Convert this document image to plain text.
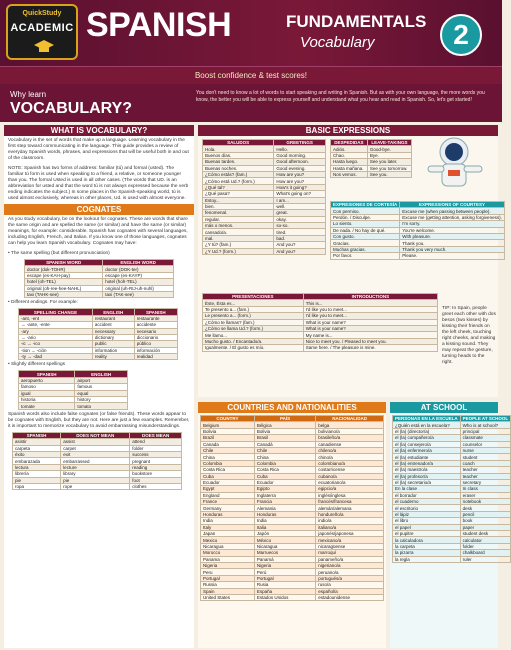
QuickStudy
ACADEMIC SPANISH	FUNDAMENTALS
Vocabulary	2
Boost confidence & test scores!
Why learn
VOCABULARY?
You don't need to know a lot of words to start speaking and writing in Spanish. But as with your own language, the more words you know, the better you will be able to express yourself and understand what you hear and read in Spanish. So, let's get started!
WHAT IS VOCABULARY?
Vocabulary is the set of words that make up a language. Learning vocabulary in the first step toward communicating in the language. This guide provides a review of everyday Spanish words, phrases, and expressions that will be useful both in and out of the classroom.
NOTE: Spanish has two forms of address: familiar (tú) and formal (usted). The familiar tú form is used when speaking to a friend, a relative, or someone younger than you. The formal Usted is used in all other cases. (The words that UD. is an abbreviation for usted and that the word tú is not always expressed because the verb ending indicates the subject.) In some places in the Spanish-speaking world, tú is used almost exclusively, whereas in other places, Ud. is used with almost everyone.
COGNATES
As you study vocabulary, be on the lookout for cognates. These are words that share the same origin and are spelled the same (or similar) and have the same (or similar) meanings, for example: considerable. Spanish has cognates with several languages, including English, French, and Italian. If you know one of those languages, cognates can help you learn Spanish vocabulary. Cognates may have:
• The same spelling (but different pronunciation)
SPANISH WORD	ENGLISH WORD
doctor (dok-TOHR)	doctor (DOK-ter)
escape (es-KAH-pay)	escape (es-KAYP)
hotel (oh-TEL)	hotel (hoh-TEL)
original (oh-ree-hee-NAHL)	original (uh-RIJ-uh-nuhl)
taxi (TAHK-see)	taxi (TAK-see)
• Different endings. For example:
SPELLING CHANGE	ENGLISH	SPANISH
-ant, -ent	restaurant	restaurante
→ -ante, -ente	accident	accidente
-ary	necessary	necesario
→ -ario	dictionary	diccionario
-ic → -ico	public	público
-tion → -ción	information	información
-ty → -dad	reality	realidad
• Slightly different spellings
SPANISH	ENGLISH
aeropuerto	airport
famoso	famous
igual	equal
historia	history
tomate	tomato
Spanish words also include false cognates (or false friends). These words appear to be cognates with English, but they are not. Here are just a few examples. Remember, it is important to memorize vocabulary to avoid embarrassing misunderstandings.
SPANISH	DOES NOT MEAN	DOES MEAN
asistir	assist	attend
carpeta	carpet	folder
éxito	exit	success
embarazada	embarrassed	pregnant
lectura	lecture	reading
librería	library	bookstore
pie	pie	foot
ropa	rope	clothes
BASIC EXPRESSIONS
SALUDOS	GREETINGS
Hola.	Hello.
Buenos días.	Good morning.
Buenas tardes.	Good afternoon.
Buenas noches.	Good evening.
¿Cómo estás? (fam.)	How are you?
¿Cómo está Ud.? (form.)	How are you?
¿Qué tal?	How's it going?
¿Qué pasa?	What's going on?
Estoy...	I am...
bien.	well.
fenomenal.	great.
regular.	okay.
más o menos.	so-so.
cansado/a.	tired.
mal.	bad.
¿Y tú? (fam.)	And you?
¿Y Ud.? (form.)	And you?
DESPEDIDAS	LEAVE-TAKINGS
Adiós.	Good-bye.
Chao.	Bye.
Hasta luego.	See you later.
Hasta mañana.	See you tomorrow.
Nos vemos.	See you.
EXPRESIONES DE CORTESÍA	EXPRESSIONS OF COURTESY
Con permiso.	Excuse me (when passing between people).
Perdón. / Disculpe.	Excuse me (getting attention, asking forgiveness).
Lo siento.	I'm sorry.
De nada. / No hay de qué.	You're welcome.
Con gusto.	With pleasure.
Gracias.	Thank you.
Muchas gracias.	Thank you very much.
Por favor.	Please.
PRESENTACIONES	INTRODUCTIONS
Éste, Ésta es...	This is...
Te presento a... (fam.)	I'd like you to meet...
Le presento a... (form.)	I'd like you to meet...
¿Cómo te llamas? (fam.)	What is your name?
¿Cómo se llama Ud.? (form.)	What is your name?
Me llamo...	My name is...
Mucho gusto. / Encantado/a.	Nice to meet you. / Pleased to meet you.
Igualmente. / El gusto es mío.	Same here. / The pleasure is mine.
TIP: In Spain, people greet each other with dos besos (two kisses) by kissing their friends on the left cheek, touching right cheeks, and making a kissing sound. They may repeat the gesture, turning heads to the right.
COUNTRIES AND NATIONALITIES
COUNTRY	PAÍS	NACIONALIDAD
Belgium	Bélgica	belga
Bolivia	Bolivia	boliviano/a
Brazil	Brasil	brasileño/a
Canada	Canadá	canadiense
Chile	Chile	chileno/a
China	China	chino/a
Colombia	Colombia	colombiano/a
Costa Rica	Costa Rica	costarricense
Cuba	Cuba	cubano/a
Ecuador	Ecuador	ecuatoriano/a
Egypt	Egipto	egipcio/a
England	Inglaterra	inglés/inglesa
France	Francia	francés/francesa
Germany	Alemania	alemán/alemana
Honduras	Honduras	hondureño/a
India	India	indio/a
Italy	Italia	italiano/a
Japan	Japón	japonés/japonesa
Mexico	México	mexicano/a
Nicaragua	Nicaragua	nicaragüense
Morocco	Marruecos	marroquí
Panama	Panamá	panameño/a
Nigeria	Nigeria	nigeriano/a
Peru	Perú	peruano/a
Portugal	Portugal	portugués/a
Russia	Rusia	ruso/a
Spain	España	español/a
United States	Estados Unidos	estadounidense
AT SCHOOL
PERSONAS EN LA ESCUELA	PEOPLE AT SCHOOL
¿Quién está en la escuela?	Who is at school?
el (la) (director/a)	principal
el (la) compañero/a	classmate
el (la) consejero/a	counselor
el (la) enfermero/a	nurse
el (la) estudiante	student
el (la) entrenador/a	coach
el (la) maestro/a	teacher
el (la) profesor/a	teacher
el (la) secretario/a	secretary
En la clase	In class
el borrador	eraser
el cuaderno	notebook
el escritorio	desk
el lápiz	pencil
el libro	book
el papel	paper
el pupitre	student desk
la calculadora	calculator
la carpeta	folder
la pizarra	chalkboard
la regla	ruler
